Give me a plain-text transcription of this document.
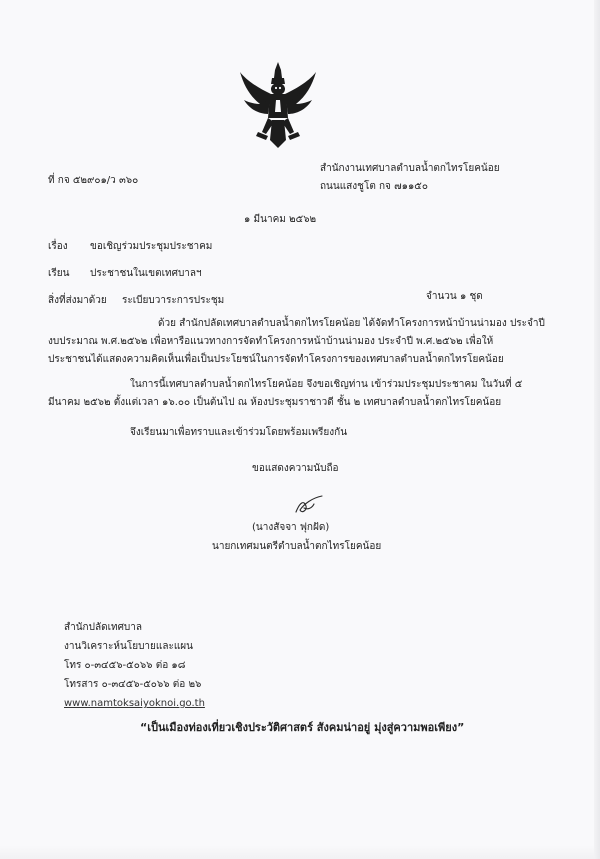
ที่ กจ ๕๒๙๐๑/ว ๓๖๐
สำนักงานเทศบาลตำบลน้ำตกไทรโยคน้อย
ถนนแสงชูโต กจ ๗๑๑๕๐
๑ มีนาคม ๒๕๖๒
เรื่อง ขอเชิญร่วมประชุมประชาคม
เรียน ประชาชนในเขตเทศบาลฯ
สิ่งที่ส่งมาด้วย ระเบียบวาระการประชุม	จำนวน ๑ ชุด
ด้วย สำนักปลัดเทศบาลตำบลน้ำตกไทรโยคน้อย ได้จัดทำโครงการหน้าบ้านน่ามอง ประจำปี
งบประมาณ พ.ศ.๒๕๖๒ เพื่อหารือแนวทางการจัดทำโครงการหน้าบ้านน่ามอง ประจำปี พ.ศ.๒๕๖๒ เพื่อให้
ประชาชนได้แสดงความคิดเห็นเพื่อเป็นประโยชน์ในการจัดทำโครงการของเทศบาลตำบลน้ำตกไทรโยคน้อย
ในการนี้เทศบาลตำบลน้ำตกไทรโยคน้อย จึงขอเชิญท่าน เข้าร่วมประชุมประชาคม ในวันที่ ๕
มีนาคม ๒๕๖๒ ตั้งแต่เวลา ๑๖.๐๐ เป็นต้นไป ณ ห้องประชุมราชาวดี ชั้น ๒ เทศบาลตำบลน้ำตกไทรโยคน้อย
จึงเรียนมาเพื่อทราบและเข้าร่วมโดยพร้อมเพรียงกัน
ขอแสดงความนับถือ
(นางสัจจา ฟุกฝัด)
นายกเทศมนตรีตำบลน้ำตกไทรโยคน้อย
สำนักปลัดเทศบาล
งานวิเคราะห์นโยบายและแผน
โทร ๐-๓๔๕๖-๕๐๖๖ ต่อ ๑๘
โทรสาร ๐-๓๔๕๖-๕๐๖๖ ต่อ ๒๖
www.namtoksaiyoknoi.go.th
“เป็นเมืองท่องเที่ยวเชิงประวัติศาสตร์ สังคมน่าอยู่ มุ่งสู่ความพอเพียง”
